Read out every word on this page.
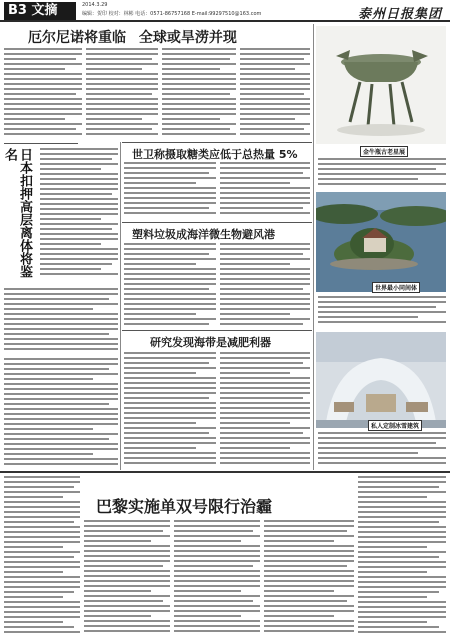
B3 文摘	2014.3.29
编辑：贺印 校对：林彬 电话：0571-86757168 E-mail:99297510@163.com	泰州日报集团
厄尔尼诺将重临 全球或旱涝并现
日本扣押高层离体将鉴名	世卫称摄取糖类应低于总热量 5%
塑料垃圾成海洋微生物避风港
研究发现海带是减肥利器
金牛瓶古老星展
世界最小同间体
私人定制冰雪建筑
巴黎实施单双号限行治霾
